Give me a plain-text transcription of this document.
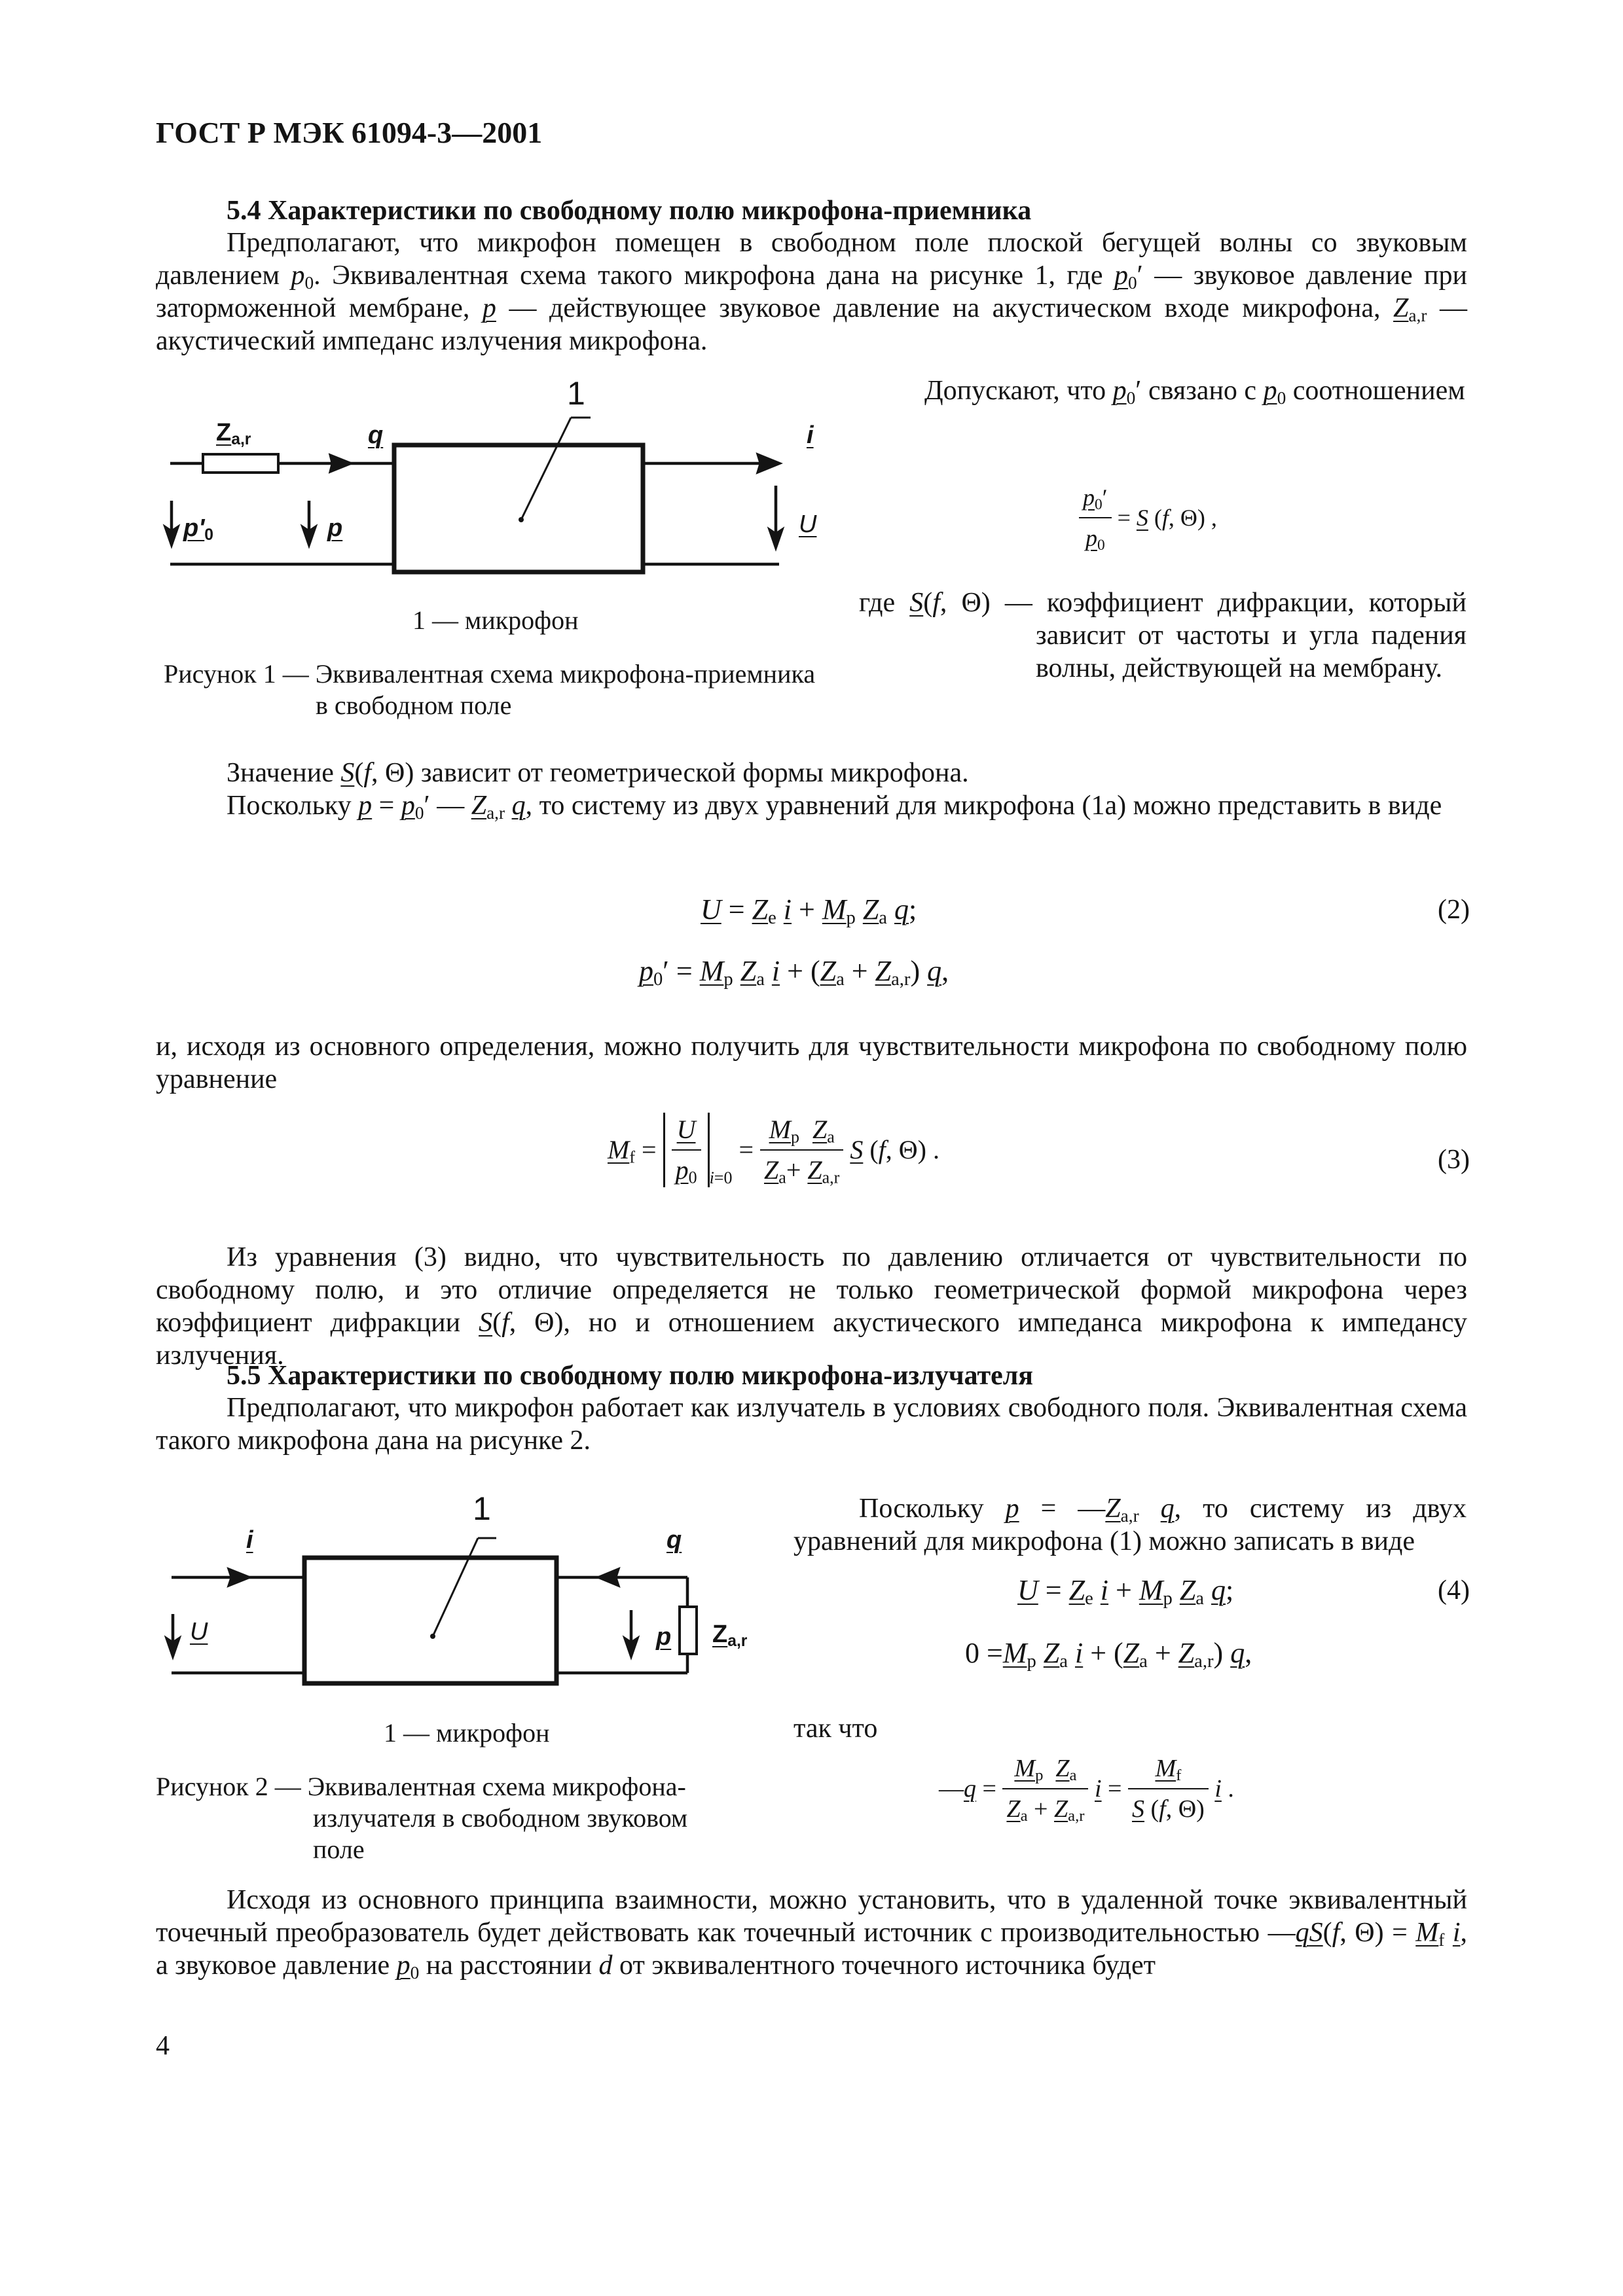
ГОСТ Р МЭК 61094-3—2001
5.4 Характеристики по свободному полю микрофона-приемника
Предполагают, что микрофон помещен в свободном поле плоской бегущей волны со звуковым давлением $p_0$. Эквивалентная схема такого микрофона дана на рисунке 1, где $p_0'$ — звуковое давление при заторможенной мембране, p — действующее звуковое давление на акустическом входе микрофона, $Z_{a,r}$ — акустический импеданс излучения микрофона.
1
$Z_{a,r}$	q	i
$p'_0$	p	U
1 — микрофон
Рисунок 1 — Эквивалентная схема микрофона-приемника в свободном поле
Допускают, что $p_0'$ связано с $p_0$ соотношением
$\frac{p_0'}{p_0} = S$ (f, Θ) ,
где S(f, Θ) — коэффициент дифракции, который зависит от частоты и угла падения волны, действующей на мембрану.
Значение S(f, Θ) зависит от геометрической формы микрофона.
Поскольку $p = p_0'$ — $Z_{a,r}$ q, то систему из двух уравнений для микрофона (1а) можно представить в виде
$U = Z_e$ $i + M_p$ $Z_a$ q;	(2)
$p_0' = M_p$ $Z_a$ $i + (Z_a + Z_{a,r})$ q,
и, исходя из основного определения, можно получить для чувствительности микрофона по свободному полю уравнение
$M_f = \frac{U}{p_0} _{i=0} = \frac{M_p Z_a}{Z_a+ Z_{a,r}}$ S (f, Θ) .	(3)
Из уравнения (3) видно, что чувствительность по давлению отличается от чувствительности по свободному полю, и это отличие определяется не только геометрической формой микрофона через коэффициент дифракции S(f, Θ), но и отношением акустического импеданса микрофона к импедансу излучения.
5.5 Характеристики по свободному полю микрофона-излучателя
Предполагают, что микрофон работает как излучатель в условиях свободного поля. Эквивалентная схема такого микрофона дана на рисунке 2.
1
i	q
U	p $Z_{a,r}$
1 — микрофон
Рисунок 2 — Эквивалентная схема микрофона-излучателя в свободном звуковом поле
Поскольку $p = —Z_{a,r}$ q, то систему из двух уравнений для микрофона (1) можно записать в виде
$U = Z_e$ $i + M_p$ $Z_a$ q;	(4)
$0 =M_p$ $Z_a$ $i + (Z_a + Z_{a,r})$ q,
так что
—q = $\frac{M_p Z_a}{Z_a + Z_{a,r}}$ $i = \frac{M_f}{S (f, \Theta)}$ i .
Исходя из основного принципа взаимности, можно установить, что в удаленной точке эквивалентный точечный преобразователь будет действовать как точечный источник с производительностью —qS(f, $\Theta) = M_f$ i, а звуковое давление $p_0$ на расстоянии d от эквивалентного точечного источника будет
4
